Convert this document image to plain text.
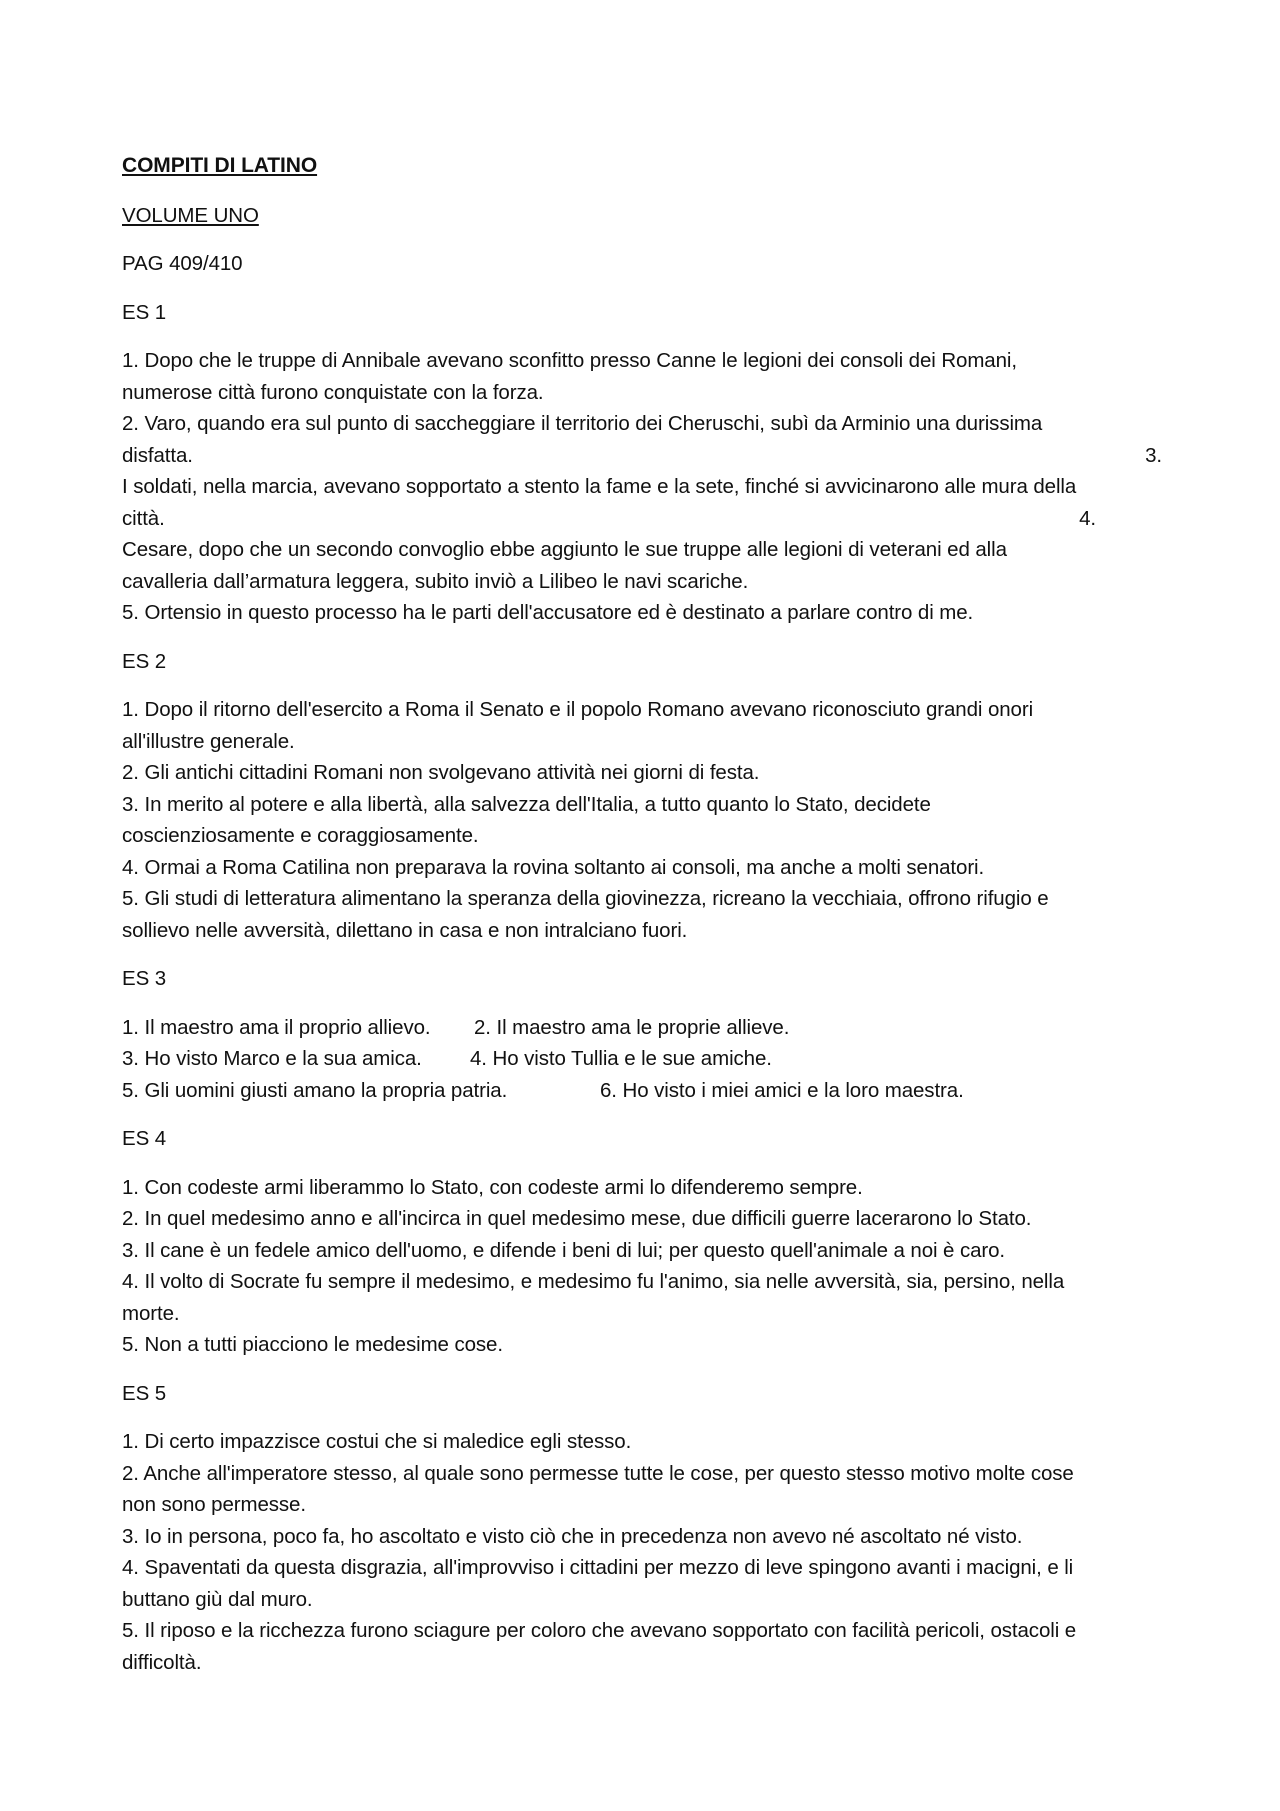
COMPITI DI LATINO
VOLUME UNO
PAG 409/410
ES 1
1. Dopo che le truppe di Annibale avevano sconfitto presso Canne le legioni dei consoli dei Romani,
numerose città furono conquistate con la forza.
2. Varo, quando era sul punto di saccheggiare il territorio dei Cheruschi, subì da Arminio una durissima
disfatta.	3.
I soldati, nella marcia, avevano sopportato a stento la fame e la sete, finché si avvicinarono alle mura della
città.	4.
Cesare, dopo che un secondo convoglio ebbe aggiunto le sue truppe alle legioni di veterani ed alla
cavalleria dall’armatura leggera, subito inviò a Lilibeo le navi scariche.
5. Ortensio in questo processo ha le parti dell'accusatore ed è destinato a parlare contro di me.
ES 2
1. Dopo il ritorno dell'esercito a Roma il Senato e il popolo Romano avevano riconosciuto grandi onori
all'illustre generale.
2. Gli antichi cittadini Romani non svolgevano attività nei giorni di festa.
3. In merito al potere e alla libertà, alla salvezza dell'Italia, a tutto quanto lo Stato, decidete
coscienziosamente e coraggiosamente.
4. Ormai a Roma Catilina non preparava la rovina soltanto ai consoli, ma anche a molti senatori.
5. Gli studi di letteratura alimentano la speranza della giovinezza, ricreano la vecchiaia, offrono rifugio e
sollievo nelle avversità, dilettano in casa e non intralciano fuori.
ES 3
1. Il maestro ama il proprio allievo. 2. Il maestro ama le proprie allieve.
3. Ho visto Marco e la sua amica. 4. Ho visto Tullia e le sue amiche.
5. Gli uomini giusti amano la propria patria.	6. Ho visto i miei amici e la loro maestra.
ES 4
1. Con codeste armi liberammo lo Stato, con codeste armi lo difenderemo sempre.
2. In quel medesimo anno e all'incirca in quel medesimo mese, due difficili guerre lacerarono lo Stato.
3. Il cane è un fedele amico dell'uomo, e difende i beni di lui; per questo quell'animale a noi è caro.
4. Il volto di Socrate fu sempre il medesimo, e medesimo fu l'animo, sia nelle avversità, sia, persino, nella
morte.
5. Non a tutti piacciono le medesime cose.
ES 5
1. Di certo impazzisce costui che si maledice egli stesso.
2. Anche all'imperatore stesso, al quale sono permesse tutte le cose, per questo stesso motivo molte cose
non sono permesse.
3. Io in persona, poco fa, ho ascoltato e visto ciò che in precedenza non avevo né ascoltato né visto.
4. Spaventati da questa disgrazia, all'improvviso i cittadini per mezzo di leve spingono avanti i macigni, e li
buttano giù dal muro.
5. Il riposo e la ricchezza furono sciagure per coloro che avevano sopportato con facilità pericoli, ostacoli e
difficoltà.
